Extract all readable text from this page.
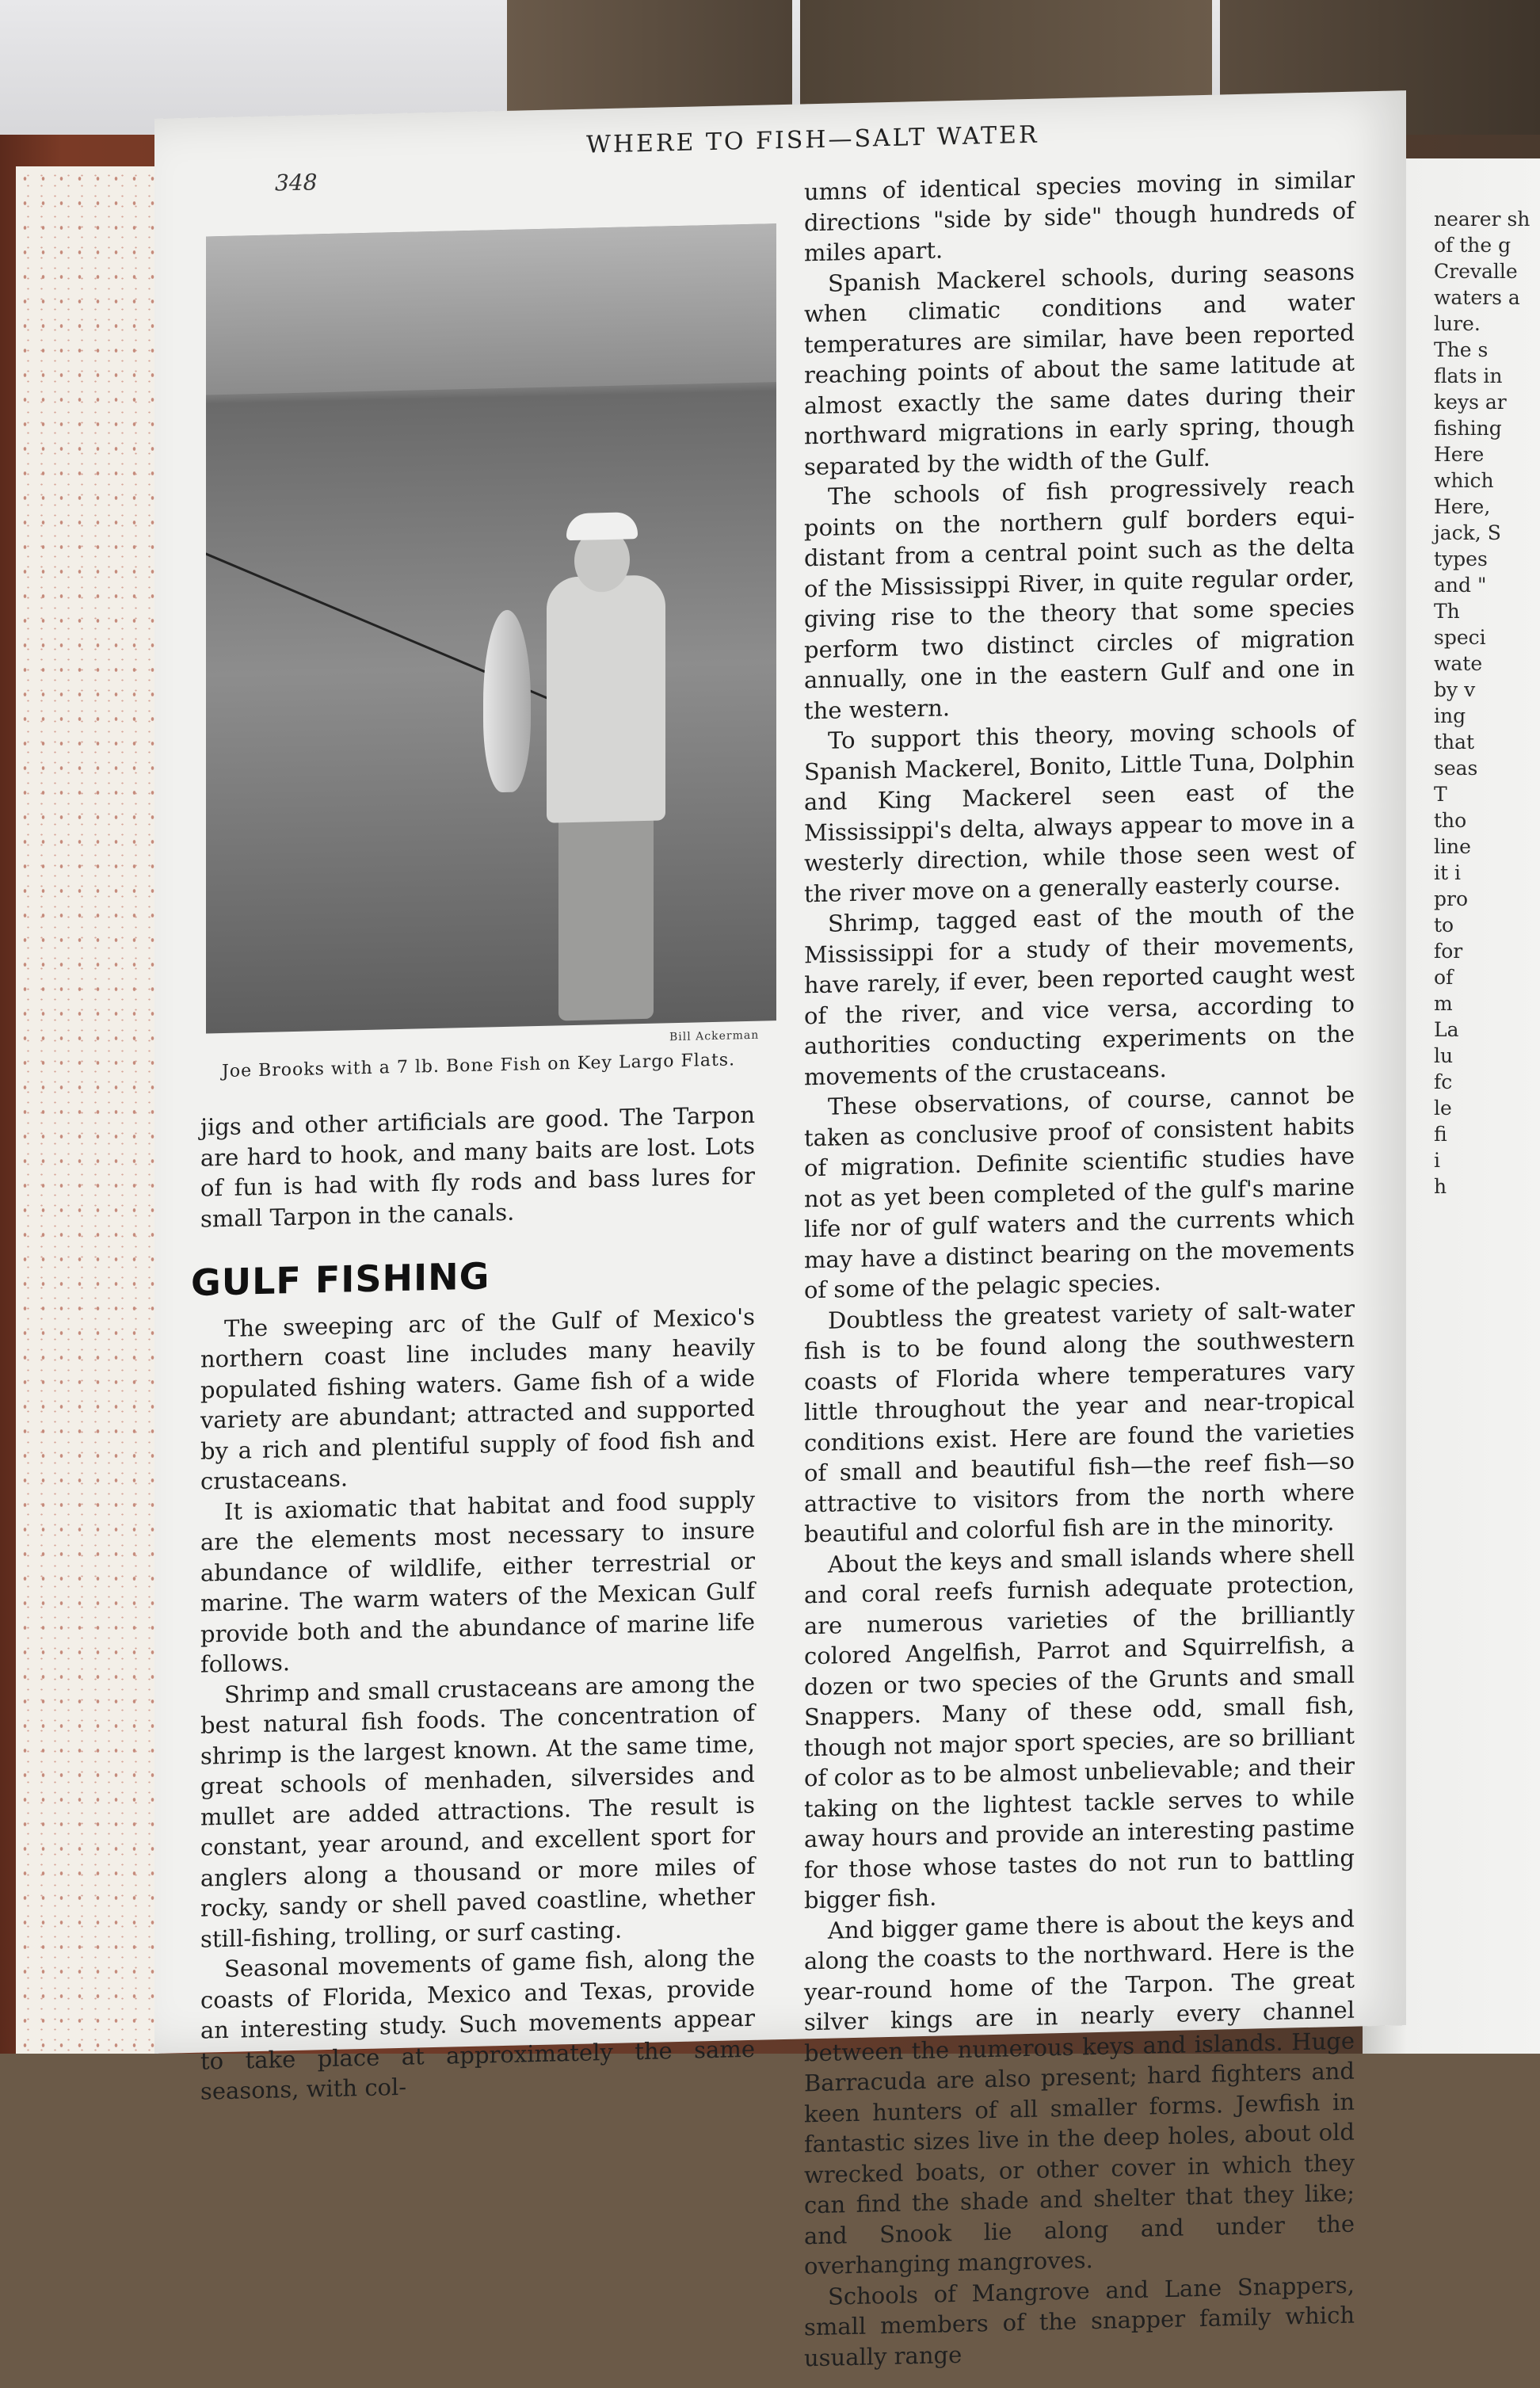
nearer sh
of the g
Crevalle
waters a
lure.
The s
flats in
keys ar
fishing
Here
which
Here,
jack, S
types
and "
Th
speci
wate
by v
ing
that
seas
T
tho
line
it i
pro
to
for
of
m
La
lu
fc
le
fi
i
h
348
WHERE TO FISH—SALT WATER
Bill Ackerman
Joe Brooks with a 7 lb. Bone Fish on Key Largo Flats.

jigs and other artificials are good. The Tarpon are hard to hook, and many baits are lost. Lots of fun is had with fly rods and bass lures for small Tarpon in the canals.

GULF FISHING

The sweeping arc of the Gulf of Mexico's northern coast line includes many heavily populated fishing waters. Game fish of a wide variety are abundant; attracted and supported by a rich and plentiful supply of food fish and crustaceans.

It is axiomatic that habitat and food supply are the elements most necessary to insure abundance of wildlife, either terrestrial or marine. The warm waters of the Mexican Gulf provide both and the abundance of marine life follows.

Shrimp and small crustaceans are among the best natural fish foods. The concentration of shrimp is the largest known. At the same time, great schools of menhaden, silversides and mullet are added attractions. The result is constant, year around, and excellent sport for anglers along a thousand or more miles of rocky, sandy or shell paved coastline, whether still-fishing, trolling, or surf casting.

Seasonal movements of game fish, along the coasts of Florida, Mexico and Texas, provide an interesting study. Such movements appear to take place at approximately the same seasons, with col-

umns of identical species moving in similar directions "side by side" though hundreds of miles apart.

Spanish Mackerel schools, during seasons when climatic conditions and water temperatures are similar, have been reported reaching points of about the same latitude at almost exactly the same dates during their northward migrations in early spring, though separated by the width of the Gulf.

The schools of fish progressively reach points on the northern gulf borders equi-distant from a central point such as the delta of the Mississippi River, in quite regular order, giving rise to the theory that some species perform two distinct circles of migration annually, one in the eastern Gulf and one in the western.

To support this theory, moving schools of Spanish Mackerel, Bonito, Little Tuna, Dolphin and King Mackerel seen east of the Mississippi's delta, always appear to move in a westerly direction, while those seen west of the river move on a generally easterly course.

Shrimp, tagged east of the mouth of the Mississippi for a study of their movements, have rarely, if ever, been reported caught west of the river, and vice versa, according to authorities conducting experiments on the movements of the crustaceans.

These observations, of course, cannot be taken as conclusive proof of consistent habits of migration. Definite scientific studies have not as yet been completed of the gulf's marine life nor of gulf waters and the currents which may have a distinct bearing on the movements of some of the pelagic species.

Doubtless the greatest variety of salt-water fish is to be found along the southwestern coasts of Florida where temperatures vary little throughout the year and near-tropical conditions exist. Here are found the varieties of small and beautiful fish—the reef fish—so attractive to visitors from the north where beautiful and colorful fish are in the minority.

About the keys and small islands where shell and coral reefs furnish adequate protection, are numerous varieties of the brilliantly colored Angelfish, Parrot and Squirrelfish, a dozen or two species of the Grunts and small Snappers. Many of these odd, small fish, though not major sport species, are so brilliant of color as to be almost unbelievable; and their taking on the lightest tackle serves to while away hours and provide an interesting pastime for those whose tastes do not run to battling bigger fish.

And bigger game there is about the keys and along the coasts to the northward. Here is the year-round home of the Tarpon. The great silver kings are in nearly every channel between the numerous keys and islands. Huge Barracuda are also present; hard fighters and keen hunters of all smaller forms. Jewfish in fantastic sizes live in the deep holes, about old wrecked boats, or other cover in which they can find the shade and shelter that they like; and Snook lie along and under the overhanging mangroves.

Schools of Mangrove and Lane Snappers, small members of the snapper family which usually range
